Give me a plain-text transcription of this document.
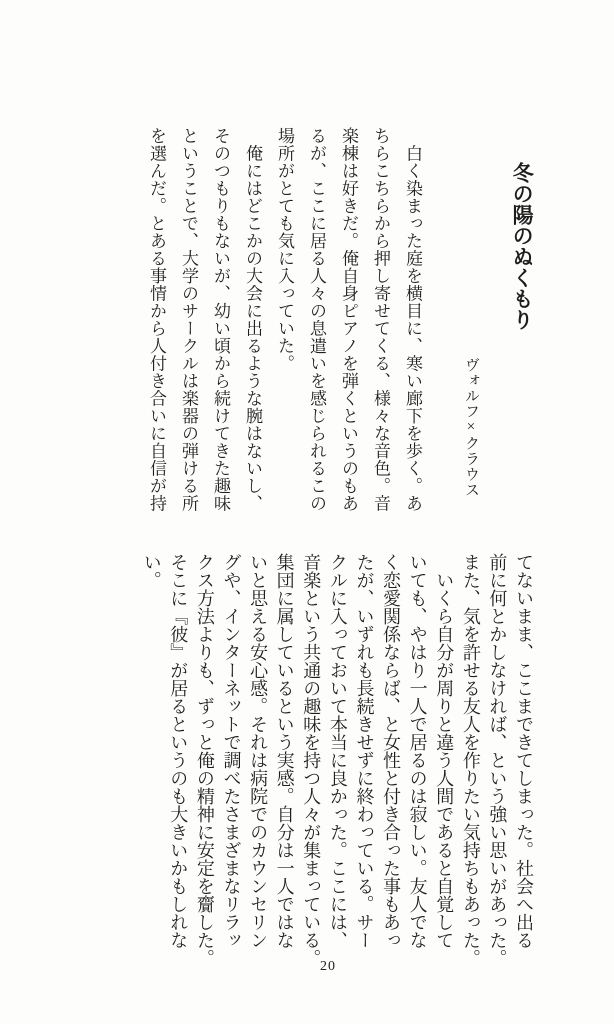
冬の陽のぬくもり
ヴォルフ×クラウス
　白く染まった庭を横目に、寒い廊下を歩く。あ
ちらこちらから押し寄せてくる、様々な音色。音
楽棟は好きだ。俺自身ピアノを弾くというのもあ
るが、ここに居る人々の息遣いを感じられるこの
場所がとても気に入っていた。
　俺にはどこかの大会に出るような腕はないし、
そのつもりもないが、幼い頃から続けてきた趣味
ということで、大学のサークルは楽器の弾ける所
を選んだ。とある事情から人付き合いに自信が持
てないまま、ここまできてしまった。社会へ出る
前に何とかしなければ、という強い思いがあった。
また、気を許せる友人を作りたい気持ちもあった。
　いくら自分が周りと違う人間であると自覚して
いても、やはり一人で居るのは寂しい。友人でな
く恋愛関係ならば、と女性と付き合った事もあっ
たが、いずれも長続きせずに終わっている。サー
クルに入っておいて本当に良かった。ここには、
音楽という共通の趣味を持つ人々が集まっている。
集団に属しているという実感。自分は一人ではな
いと思える安心感。それは病院でのカウンセリン
グや、インターネットで調べたさまざまなリラッ
クス方法よりも、ずっと俺の精神に安定を齎した。
そこに『彼』が居るというのも大きいかもしれな
い。
20
